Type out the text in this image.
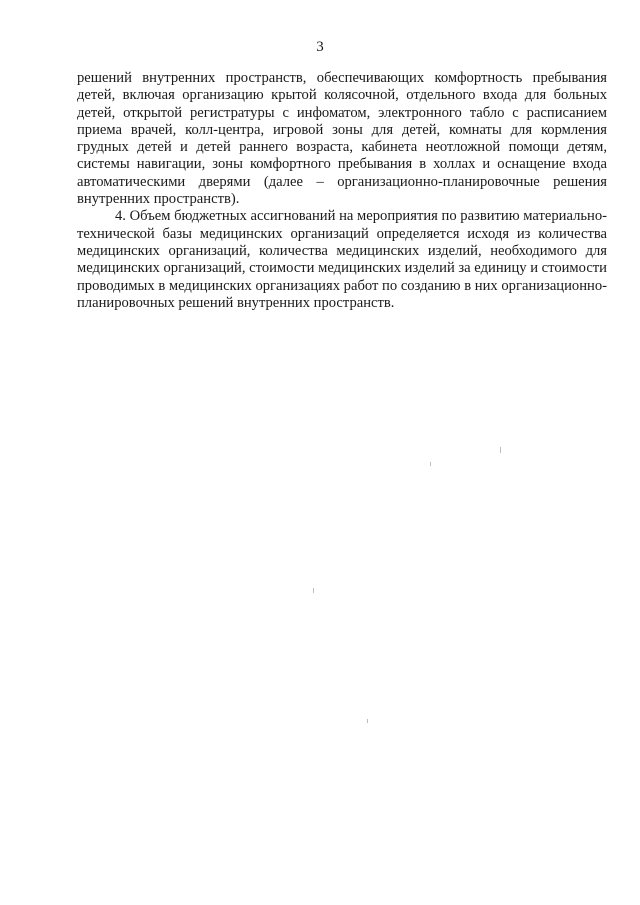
3

решений внутренних пространств, обеспечивающих комфортность пребывания детей, включая организацию крытой колясочной, отдельного входа для больных детей, открытой регистратуры с инфоматом, электронного табло с расписанием приема врачей, колл-центра, игровой зоны для детей, комнаты для кормления грудных детей и детей раннего возраста, кабинета неотложной помощи детям, системы навигации, зоны комфортного пребывания в холлах и оснащение входа автоматическими дверями (далее – организационно-планировочные решения внутренних пространств).

4. Объем бюджетных ассигнований на мероприятия по развитию материально-технической базы медицинских организаций определяется исходя из количества медицинских организаций, количества медицинских изделий, необходимого для медицинских организаций, стоимости медицинских изделий за единицу и стоимости проводимых в медицинских организациях работ по созданию в них организационно-планировочных решений внутренних пространств.
